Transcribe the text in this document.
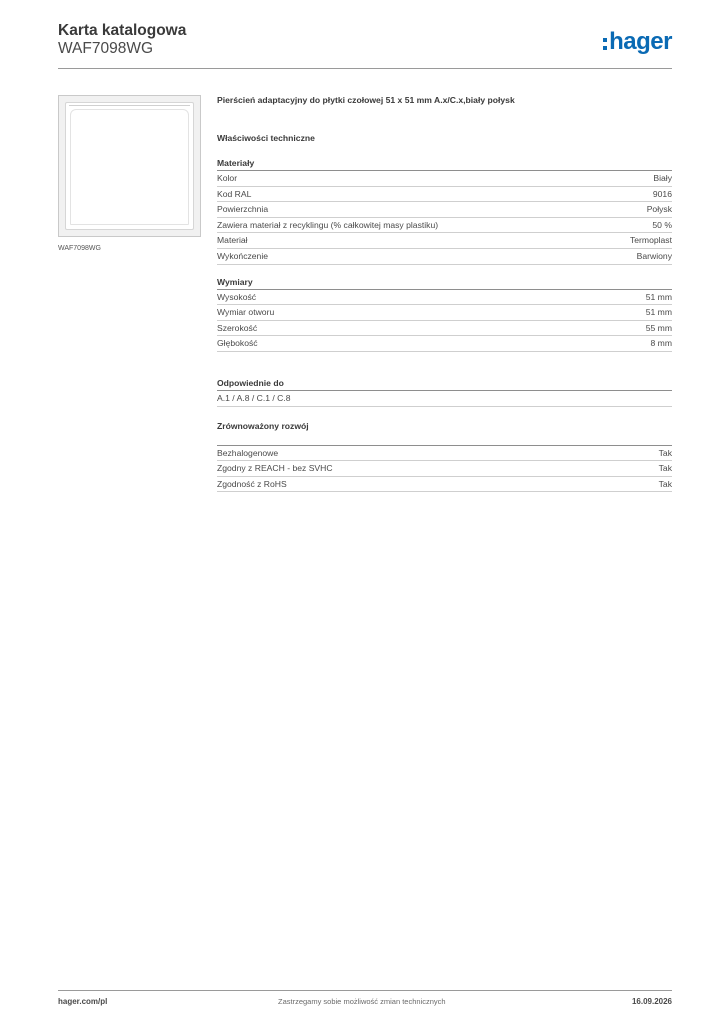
Karta katalogowa
WAF7098WG	hager
WAF7098WG
Pierścień adaptacyjny do płytki czołowej 51 x 51 mm A.x/C.x,biały połysk
Właściwości techniczne
Materiały
Kolor	Biały
Kod RAL	9016
Powierzchnia	Połysk
Zawiera materiał z recyklingu (% całkowitej masy plastiku)	50 %
Materiał	Termoplast
Wykończenie	Barwiony
Wymiary
Wysokość	51 mm
Wymiar otworu	51 mm
Szerokość	55 mm
Głębokość	8 mm
Odpowiednie do
A.1 / A.8 / C.1 / C.8
Zrównoważony rozwój
Bezhalogenowe	Tak
Zgodny z REACH - bez SVHC	Tak
Zgodność z RoHS	Tak
hager.com/pl	Zastrzegamy sobie możliwość zmian technicznych	16.09.2026
